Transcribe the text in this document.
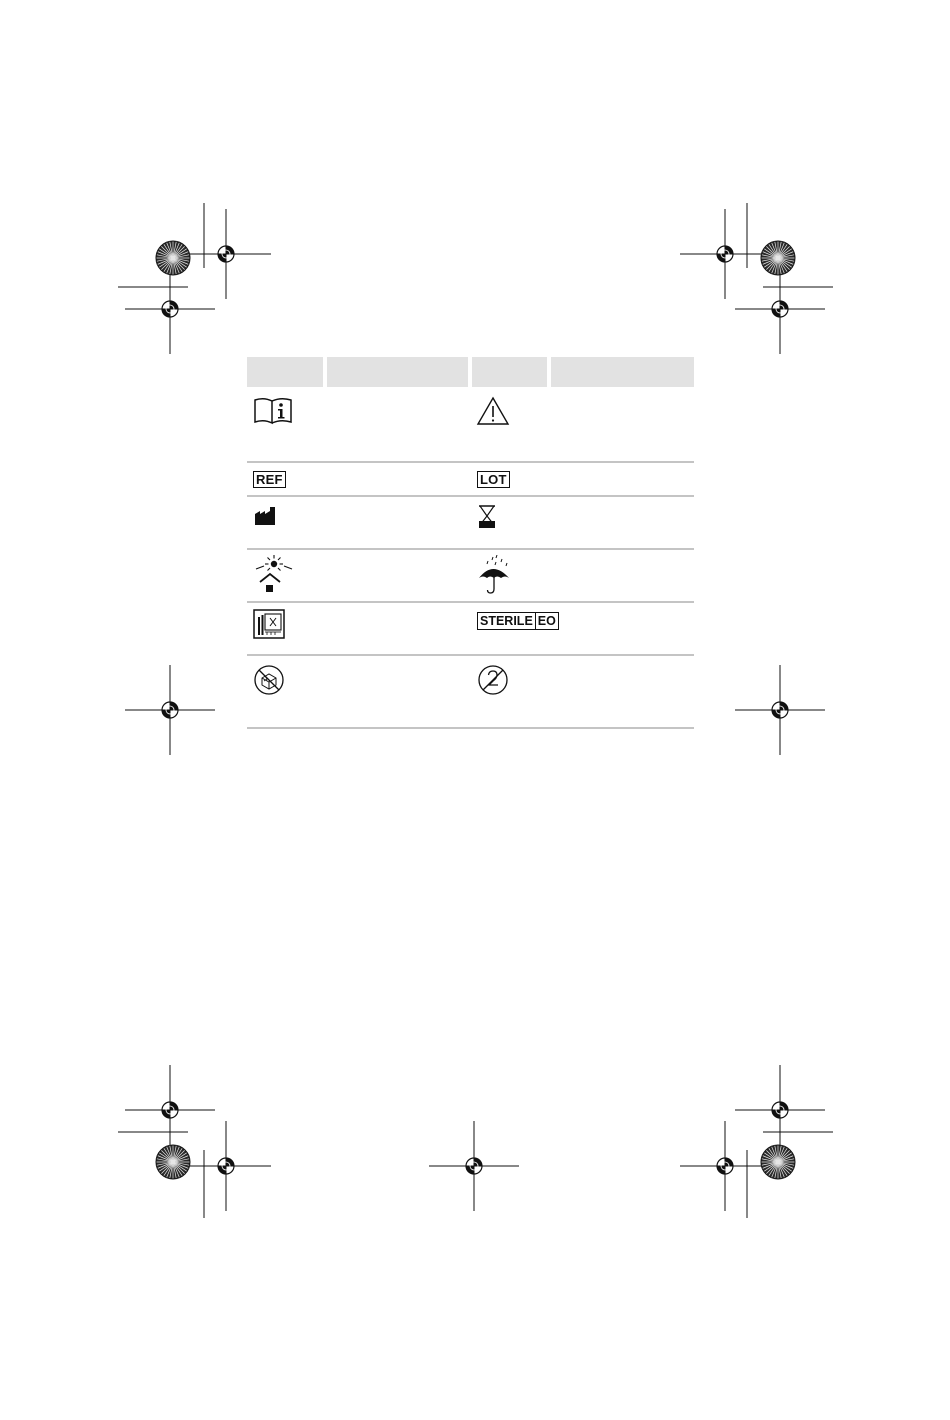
REF	LOT
STERILE EO
